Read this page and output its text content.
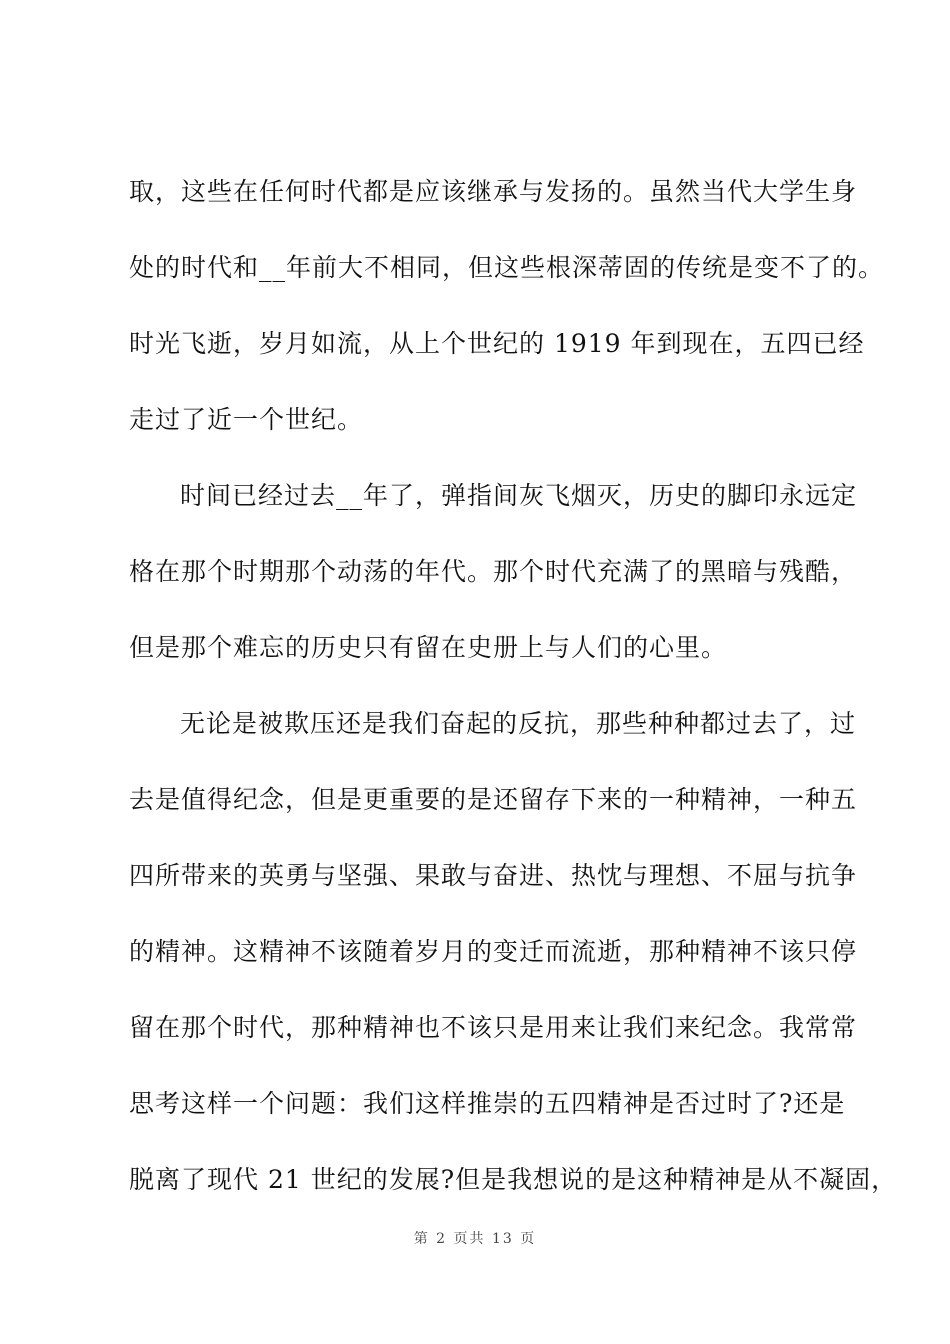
取，这些在任何时代都是应该继承与发扬的。虽然当代大学生身
处的时代和__年前大不相同，但这些根深蒂固的传统是变不了的。
时光飞逝，岁月如流，从上个世纪的 1919 年到现在，五四已经
走过了近一个世纪。
时间已经过去__年了，弹指间灰飞烟灭，历史的脚印永远定
格在那个时期那个动荡的年代。那个时代充满了的黑暗与残酷，
但是那个难忘的历史只有留在史册上与人们的心里。
无论是被欺压还是我们奋起的反抗，那些种种都过去了，过
去是值得纪念，但是更重要的是还留存下来的一种精神，一种五
四所带来的英勇与坚强、果敢与奋进、热忱与理想、不屈与抗争
的精神。这精神不该随着岁月的变迁而流逝，那种精神不该只停
留在那个时代，那种精神也不该只是用来让我们来纪念。我常常
思考这样一个问题：我们这样推崇的五四精神是否过时了?还是
脱离了现代 21 世纪的发展?但是我想说的是这种精神是从不凝固，
第 2 页共 13 页
